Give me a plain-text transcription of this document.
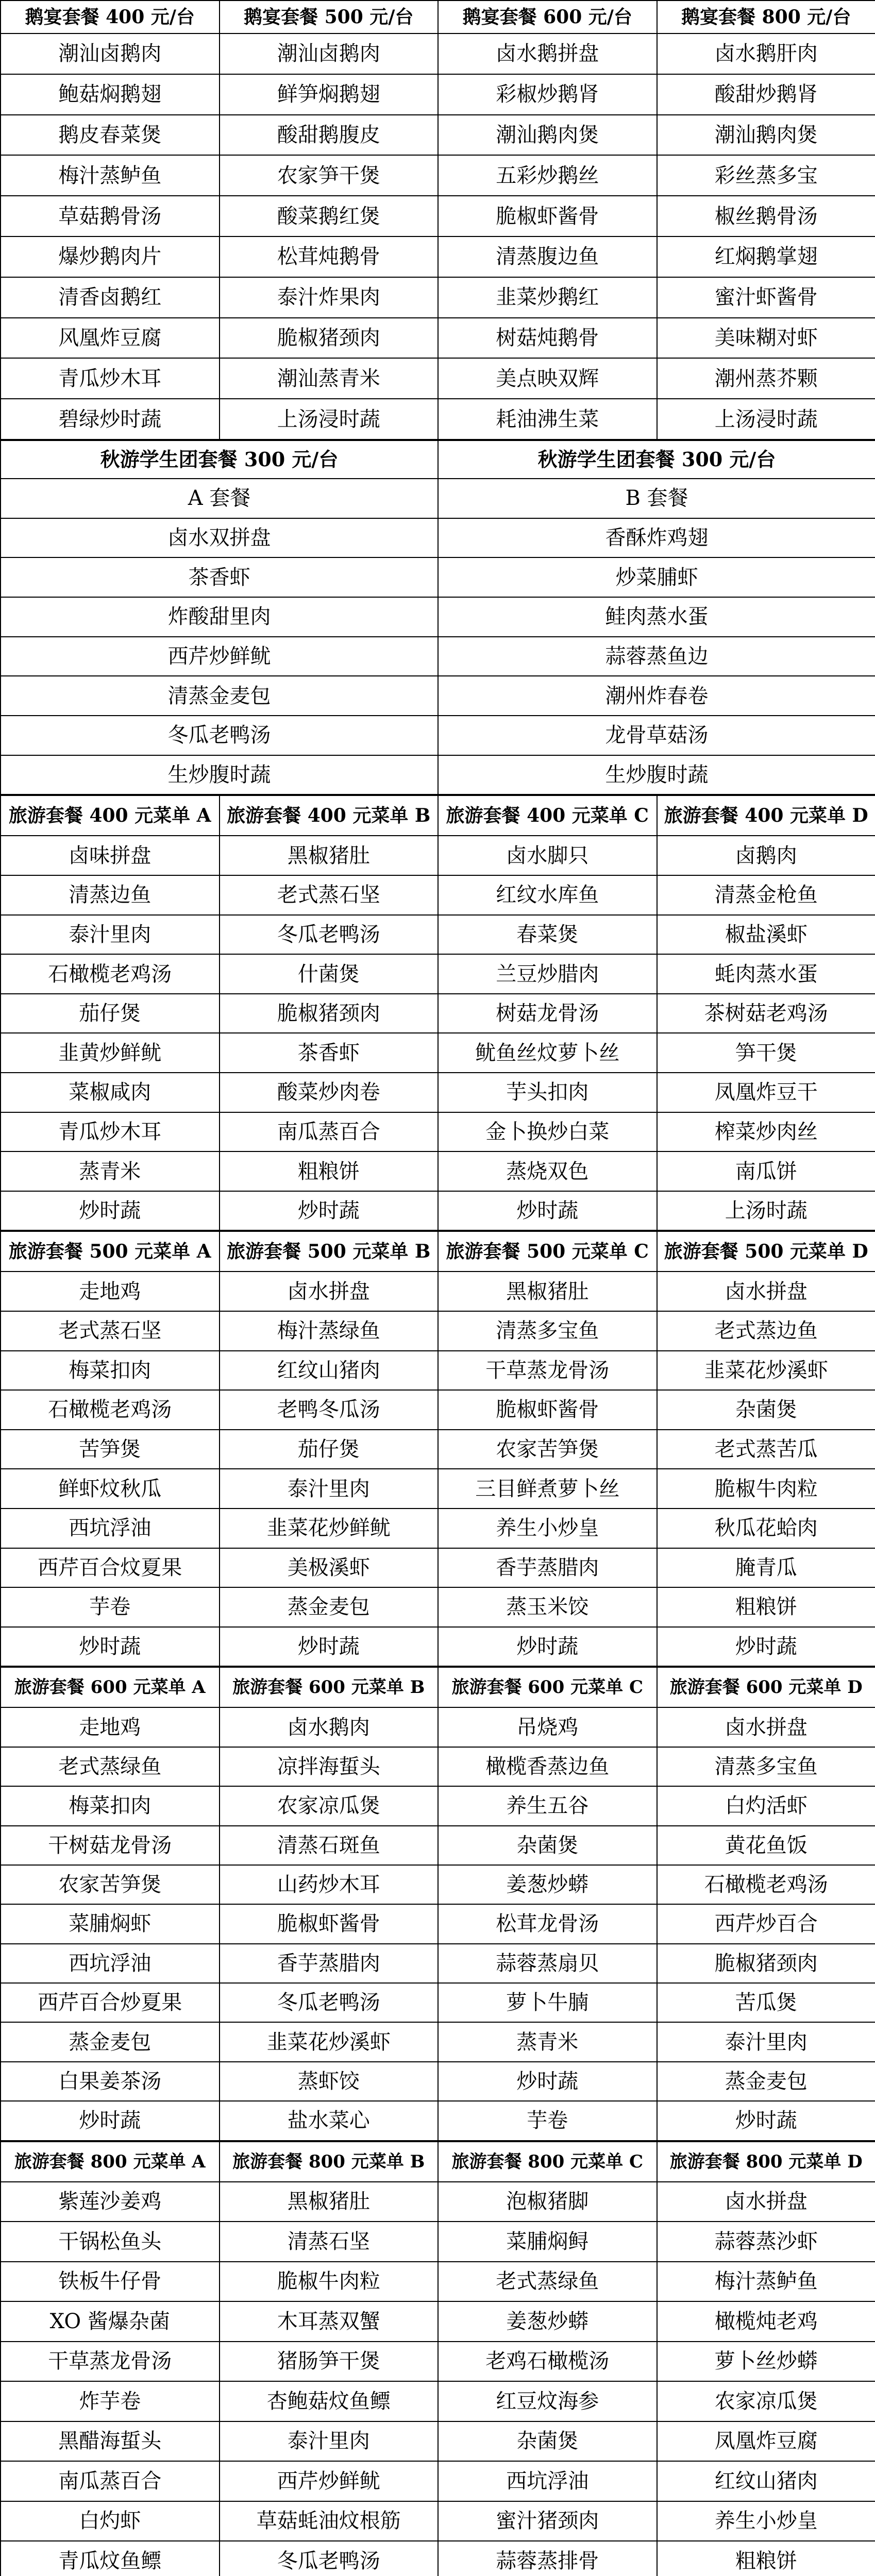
鹅宴套餐 400 元/台	鹅宴套餐 500 元/台	鹅宴套餐 600 元/台	鹅宴套餐 800 元/台
潮汕卤鹅肉	潮汕卤鹅肉	卤水鹅拼盘	卤水鹅肝肉
鲍菇焖鹅翅	鲜笋焖鹅翅	彩椒炒鹅肾	酸甜炒鹅肾
鹅皮春菜煲	酸甜鹅腹皮	潮汕鹅肉煲	潮汕鹅肉煲
梅汁蒸鲈鱼	农家笋干煲	五彩炒鹅丝	彩丝蒸多宝
草菇鹅骨汤	酸菜鹅红煲	脆椒虾酱骨	椒丝鹅骨汤
爆炒鹅肉片	松茸炖鹅骨	清蒸腹边鱼	红焖鹅掌翅
清香卤鹅红	泰汁炸果肉	韭菜炒鹅红	蜜汁虾酱骨
风凰炸豆腐	脆椒猪颈肉	树菇炖鹅骨	美味糊对虾
青瓜炒木耳	潮汕蒸青米	美点映双辉	潮州蒸芥颗
碧绿炒时蔬	上汤浸时蔬	耗油沸生菜	上汤浸时蔬
秋游学生团套餐 300 元/台	秋游学生团套餐 300 元/台
A 套餐	B 套餐
卤水双拼盘	香酥炸鸡翅
茶香虾	炒菜脯虾
炸酸甜里肉	鲑肉蒸水蛋
西芹炒鲜鱿	蒜蓉蒸鱼边
清蒸金麦包	潮州炸春卷
冬瓜老鸭汤	龙骨草菇汤
生炒腹时蔬	生炒腹时蔬
旅游套餐 400 元菜单 A	旅游套餐 400 元菜单 B	旅游套餐 400 元菜单 C	旅游套餐 400 元菜单 D
卤味拼盘	黑椒猪肚	卤水脚只	卤鹅肉
清蒸边鱼	老式蒸石坚	红纹水库鱼	清蒸金枪鱼
泰汁里肉	冬瓜老鸭汤	春菜煲	椒盐溪虾
石橄榄老鸡汤	什菌煲	兰豆炒腊肉	蚝肉蒸水蛋
茄仔煲	脆椒猪颈肉	树菇龙骨汤	茶树菇老鸡汤
韭黄炒鲜鱿	茶香虾	鱿鱼丝炆萝卜丝	笋干煲
菜椒咸肉	酸菜炒肉卷	芋头扣肉	凤凰炸豆干
青瓜炒木耳	南瓜蒸百合	金卜换炒白菜	榨菜炒肉丝
蒸青米	粗粮饼	蒸烧双色	南瓜饼
炒时蔬	炒时蔬	炒时蔬	上汤时蔬
旅游套餐 500 元菜单 A	旅游套餐 500 元菜单 B	旅游套餐 500 元菜单 C	旅游套餐 500 元菜单 D
走地鸡	卤水拼盘	黑椒猪肚	卤水拼盘
老式蒸石坚	梅汁蒸绿鱼	清蒸多宝鱼	老式蒸边鱼
梅菜扣肉	红纹山猪肉	干草蒸龙骨汤	韭菜花炒溪虾
石橄榄老鸡汤	老鸭冬瓜汤	脆椒虾酱骨	杂菌煲
苦笋煲	茄仔煲	农家苦笋煲	老式蒸苦瓜
鲜虾炆秋瓜	泰汁里肉	三目鲜煮萝卜丝	脆椒牛肉粒
西坑浮油	韭菜花炒鲜鱿	养生小炒皇	秋瓜花蛤肉
西芹百合炆夏果	美极溪虾	香芋蒸腊肉	腌青瓜
芋卷	蒸金麦包	蒸玉米饺	粗粮饼
炒时蔬	炒时蔬	炒时蔬	炒时蔬
旅游套餐 600 元菜单 A	旅游套餐 600 元菜单 B	旅游套餐 600 元菜单 C	旅游套餐 600 元菜单 D
走地鸡	卤水鹅肉	吊烧鸡	卤水拼盘
老式蒸绿鱼	凉拌海蜇头	橄榄香蒸边鱼	清蒸多宝鱼
梅菜扣肉	农家凉瓜煲	养生五谷	白灼活虾
干树菇龙骨汤	清蒸石斑鱼	杂菌煲	黄花鱼饭
农家苦笋煲	山药炒木耳	姜葱炒蟒	石橄榄老鸡汤
菜脯焖虾	脆椒虾酱骨	松茸龙骨汤	西芹炒百合
西坑浮油	香芋蒸腊肉	蒜蓉蒸扇贝	脆椒猪颈肉
西芹百合炒夏果	冬瓜老鸭汤	萝卜牛腩	苦瓜煲
蒸金麦包	韭菜花炒溪虾	蒸青米	泰汁里肉
白果姜茶汤	蒸虾饺	炒时蔬	蒸金麦包
炒时蔬	盐水菜心	芋卷	炒时蔬
旅游套餐 800 元菜单 A	旅游套餐 800 元菜单 B	旅游套餐 800 元菜单 C	旅游套餐 800 元菜单 D
紫莲沙姜鸡	黑椒猪肚	泡椒猪脚	卤水拼盘
干锅松鱼头	清蒸石坚	菜脯焖鲟	蒜蓉蒸沙虾
铁板牛仔骨	脆椒牛肉粒	老式蒸绿鱼	梅汁蒸鲈鱼
XO 酱爆杂菌	木耳蒸双蟹	姜葱炒蟒	橄榄炖老鸡
干草蒸龙骨汤	猪肠笋干煲	老鸡石橄榄汤	萝卜丝炒蟒
炸芋卷	杏鲍菇炆鱼鳔	红豆炆海参	农家凉瓜煲
黑醋海蜇头	泰汁里肉	杂菌煲	凤凰炸豆腐
南瓜蒸百合	西芹炒鲜鱿	西坑浮油	红纹山猪肉
白灼虾	草菇蚝油炆根筋	蜜汁猪颈肉	养生小炒皇
青瓜炆鱼鳔	冬瓜老鸭汤	蒜蓉蒸排骨	粗粮饼
